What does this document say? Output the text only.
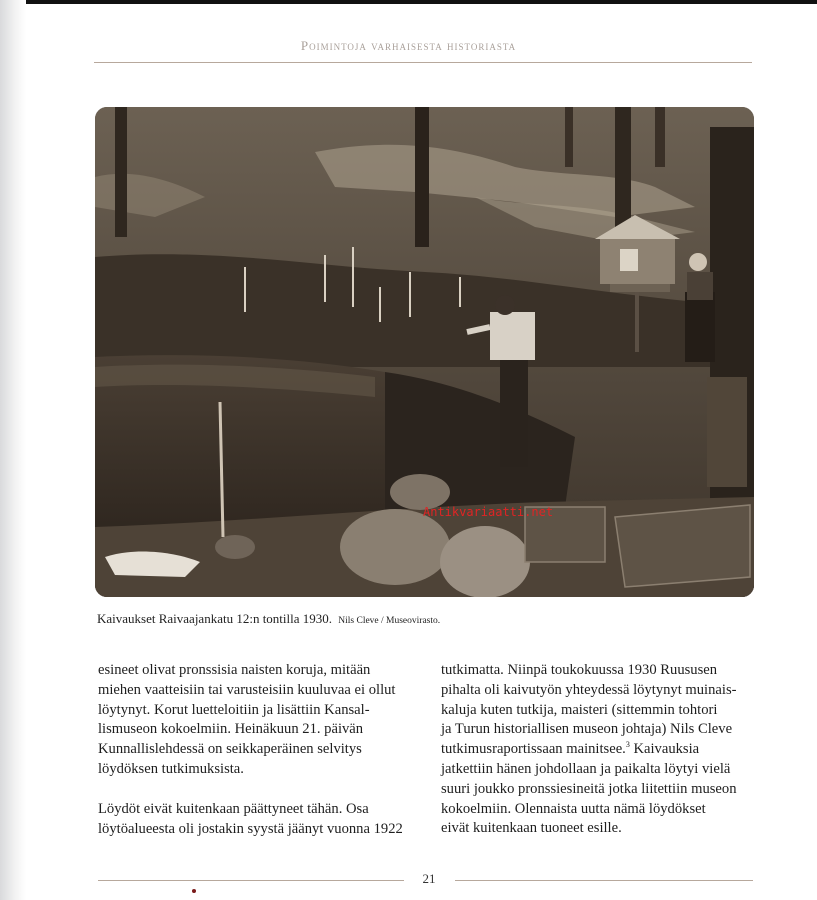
Poimintoja varhaisesta historiasta
Antikvariaatti.net
Kaivaukset Raivaajankatu 12:n tontilla 1930. Nils Cleve / Museovirasto.
esineet olivat pronssisia naisten koruja, mitään
miehen vaatteisiin tai varusteisiin kuuluvaa ei ollut
löytynyt. Korut luetteloitiin ja lisättiin Kansal-
lismuseon kokoelmiin. Heinäkuun 21. päivän
Kunnallislehdessä on seikkaperäinen selvitys
löydöksen tutkimuksista.
Löydöt eivät kuitenkaan päättyneet tähän. Osa
löytöalueesta oli jostakin syystä jäänyt vuonna 1922
tutkimatta. Niinpä toukokuussa 1930 Ruususen
pihalta oli kaivutyön yhteydessä löytynyt muinais-
kaluja kuten tutkija, maisteri (sittemmin tohtori
ja Turun historiallisen museon johtaja) Nils Cleve
tutkimusraportissaan mainitsee.$^3$ Kaivauksia
jatkettiin hänen johdollaan ja paikalta löytyi vielä
suuri joukko pronssiesineitä jotka liitettiin museon
kokoelmiin. Olennaista uutta nämä löydökset
eivät kuitenkaan tuoneet esille.
21
